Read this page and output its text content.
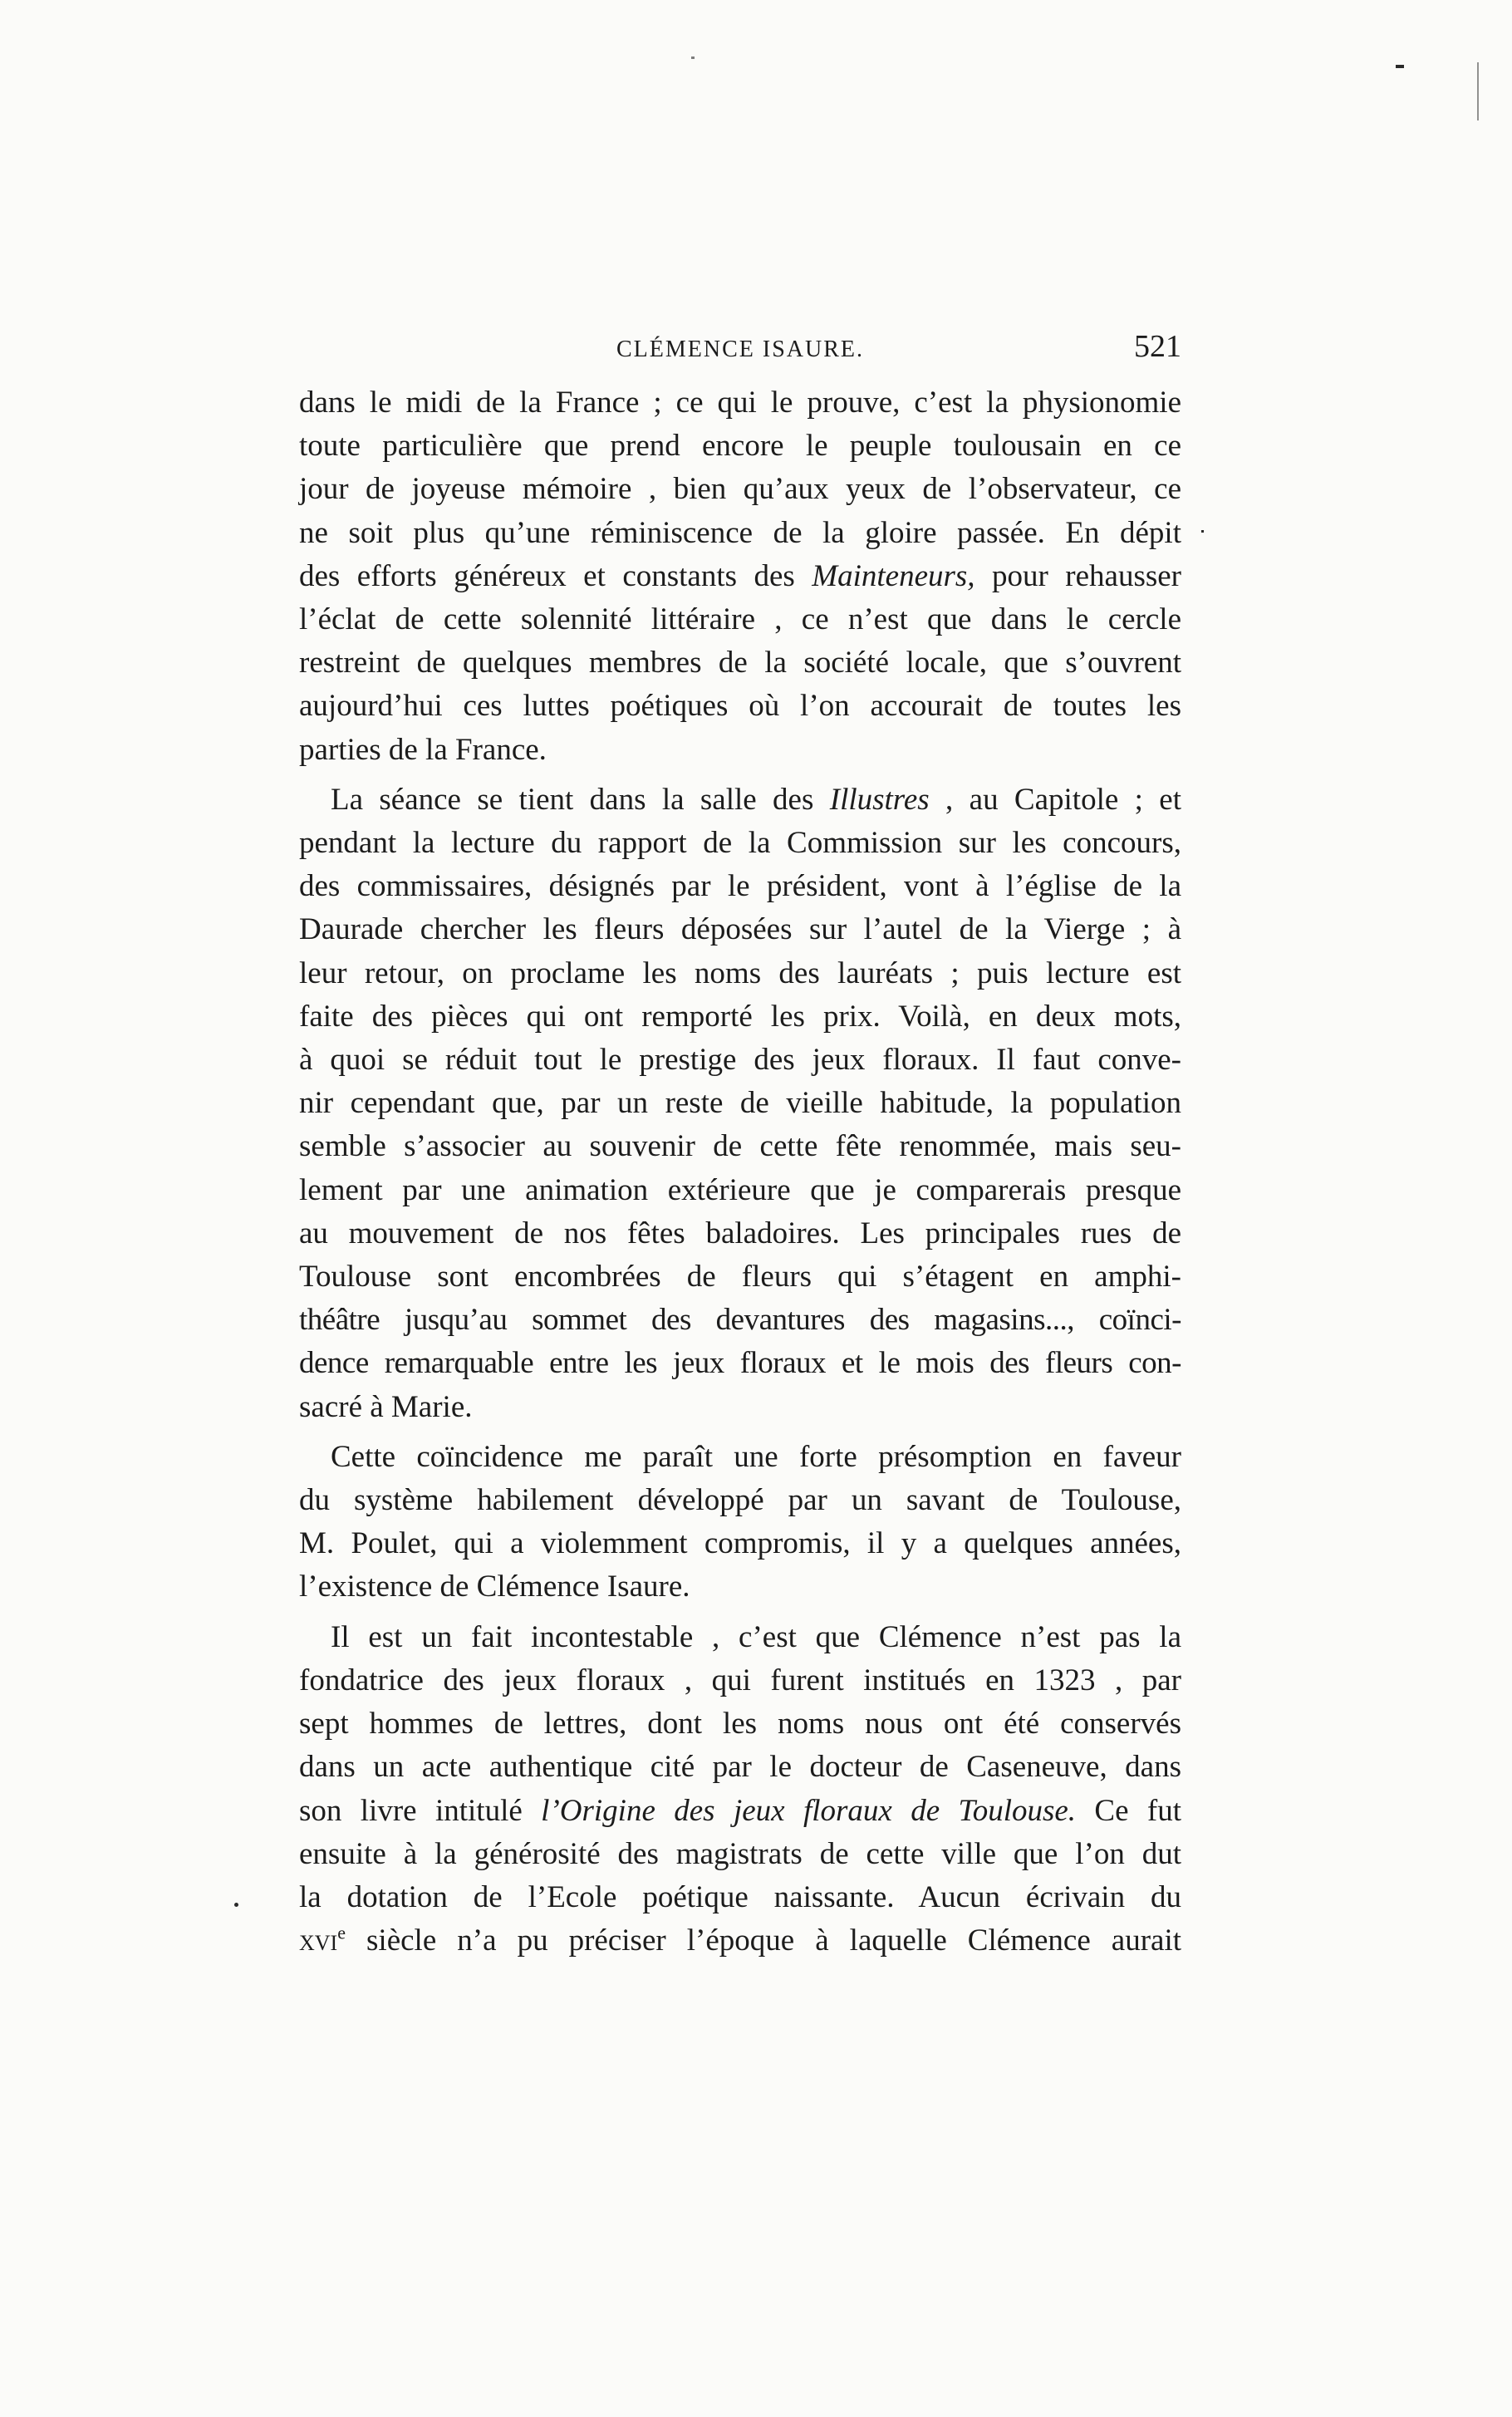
CLÉMENCE ISAURE.	521
dans le midi de la France ; ce qui le prouve, c’est la physionomie
toute particulière que prend encore le peuple toulousain en ce
jour de joyeuse mémoire , bien qu’aux yeux de l’observateur, ce
ne soit plus qu’une réminiscence de la gloire passée. En dépit
des efforts généreux et constants des Mainteneurs, pour rehausser
l’éclat de cette solennité littéraire , ce n’est que dans le cercle
restreint de quelques membres de la société locale, que s’ouvrent
aujourd’hui ces luttes poétiques où l’on accourait de toutes les
parties de la France.
La séance se tient dans la salle des Illustres , au Capitole ; et
pendant la lecture du rapport de la Commission sur les concours,
des commissaires, désignés par le président, vont à l’église de la
Daurade chercher les fleurs déposées sur l’autel de la Vierge ; à
leur retour, on proclame les noms des lauréats ; puis lecture est
faite des pièces qui ont remporté les prix. Voilà, en deux mots,
à quoi se réduit tout le prestige des jeux floraux. Il faut conve-
nir cependant que, par un reste de vieille habitude, la population
semble s’associer au souvenir de cette fête renommée, mais seu-
lement par une animation extérieure que je comparerais presque
au mouvement de nos fêtes baladoires. Les principales rues de
Toulouse sont encombrées de fleurs qui s’étagent en amphi-
théâtre jusqu’au sommet des devantures des magasins..., coïnci-
dence remarquable entre les jeux floraux et le mois des fleurs con-
sacré à Marie.
Cette coïncidence me paraît une forte présomption en faveur
du système habilement développé par un savant de Toulouse,
M. Poulet, qui a violemment compromis, il y a quelques années,
l’existence de Clémence Isaure.
Il est un fait incontestable , c’est que Clémence n’est pas la
fondatrice des jeux floraux , qui furent institués en 1323 , par
sept hommes de lettres, dont les noms nous ont été conservés
dans un acte authentique cité par le docteur de Caseneuve, dans
son livre intitulé l’Origine des jeux floraux de Toulouse. Ce fut
ensuite à la générosité des magistrats de cette ville que l’on dut
la dotation de l’Ecole poétique naissante. Aucun écrivain du
xvi$^e$ siècle n’a pu préciser l’époque à laquelle Clémence aurait
